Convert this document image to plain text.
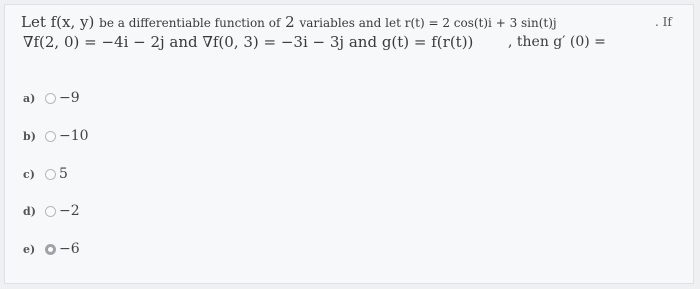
Let f(x, y) be a differentiable function of 2 variables and let r(t) = 2 cos(t)i + 3 sin(t)j	. If
∇f(2, 0) = −4i − 2j and ∇f(0, 3) = −3i − 3j and g(t) = f(r(t)) , then g′ (0) =
a)	−9
b)	−10
c)	5
d)	−2
e)	−6
